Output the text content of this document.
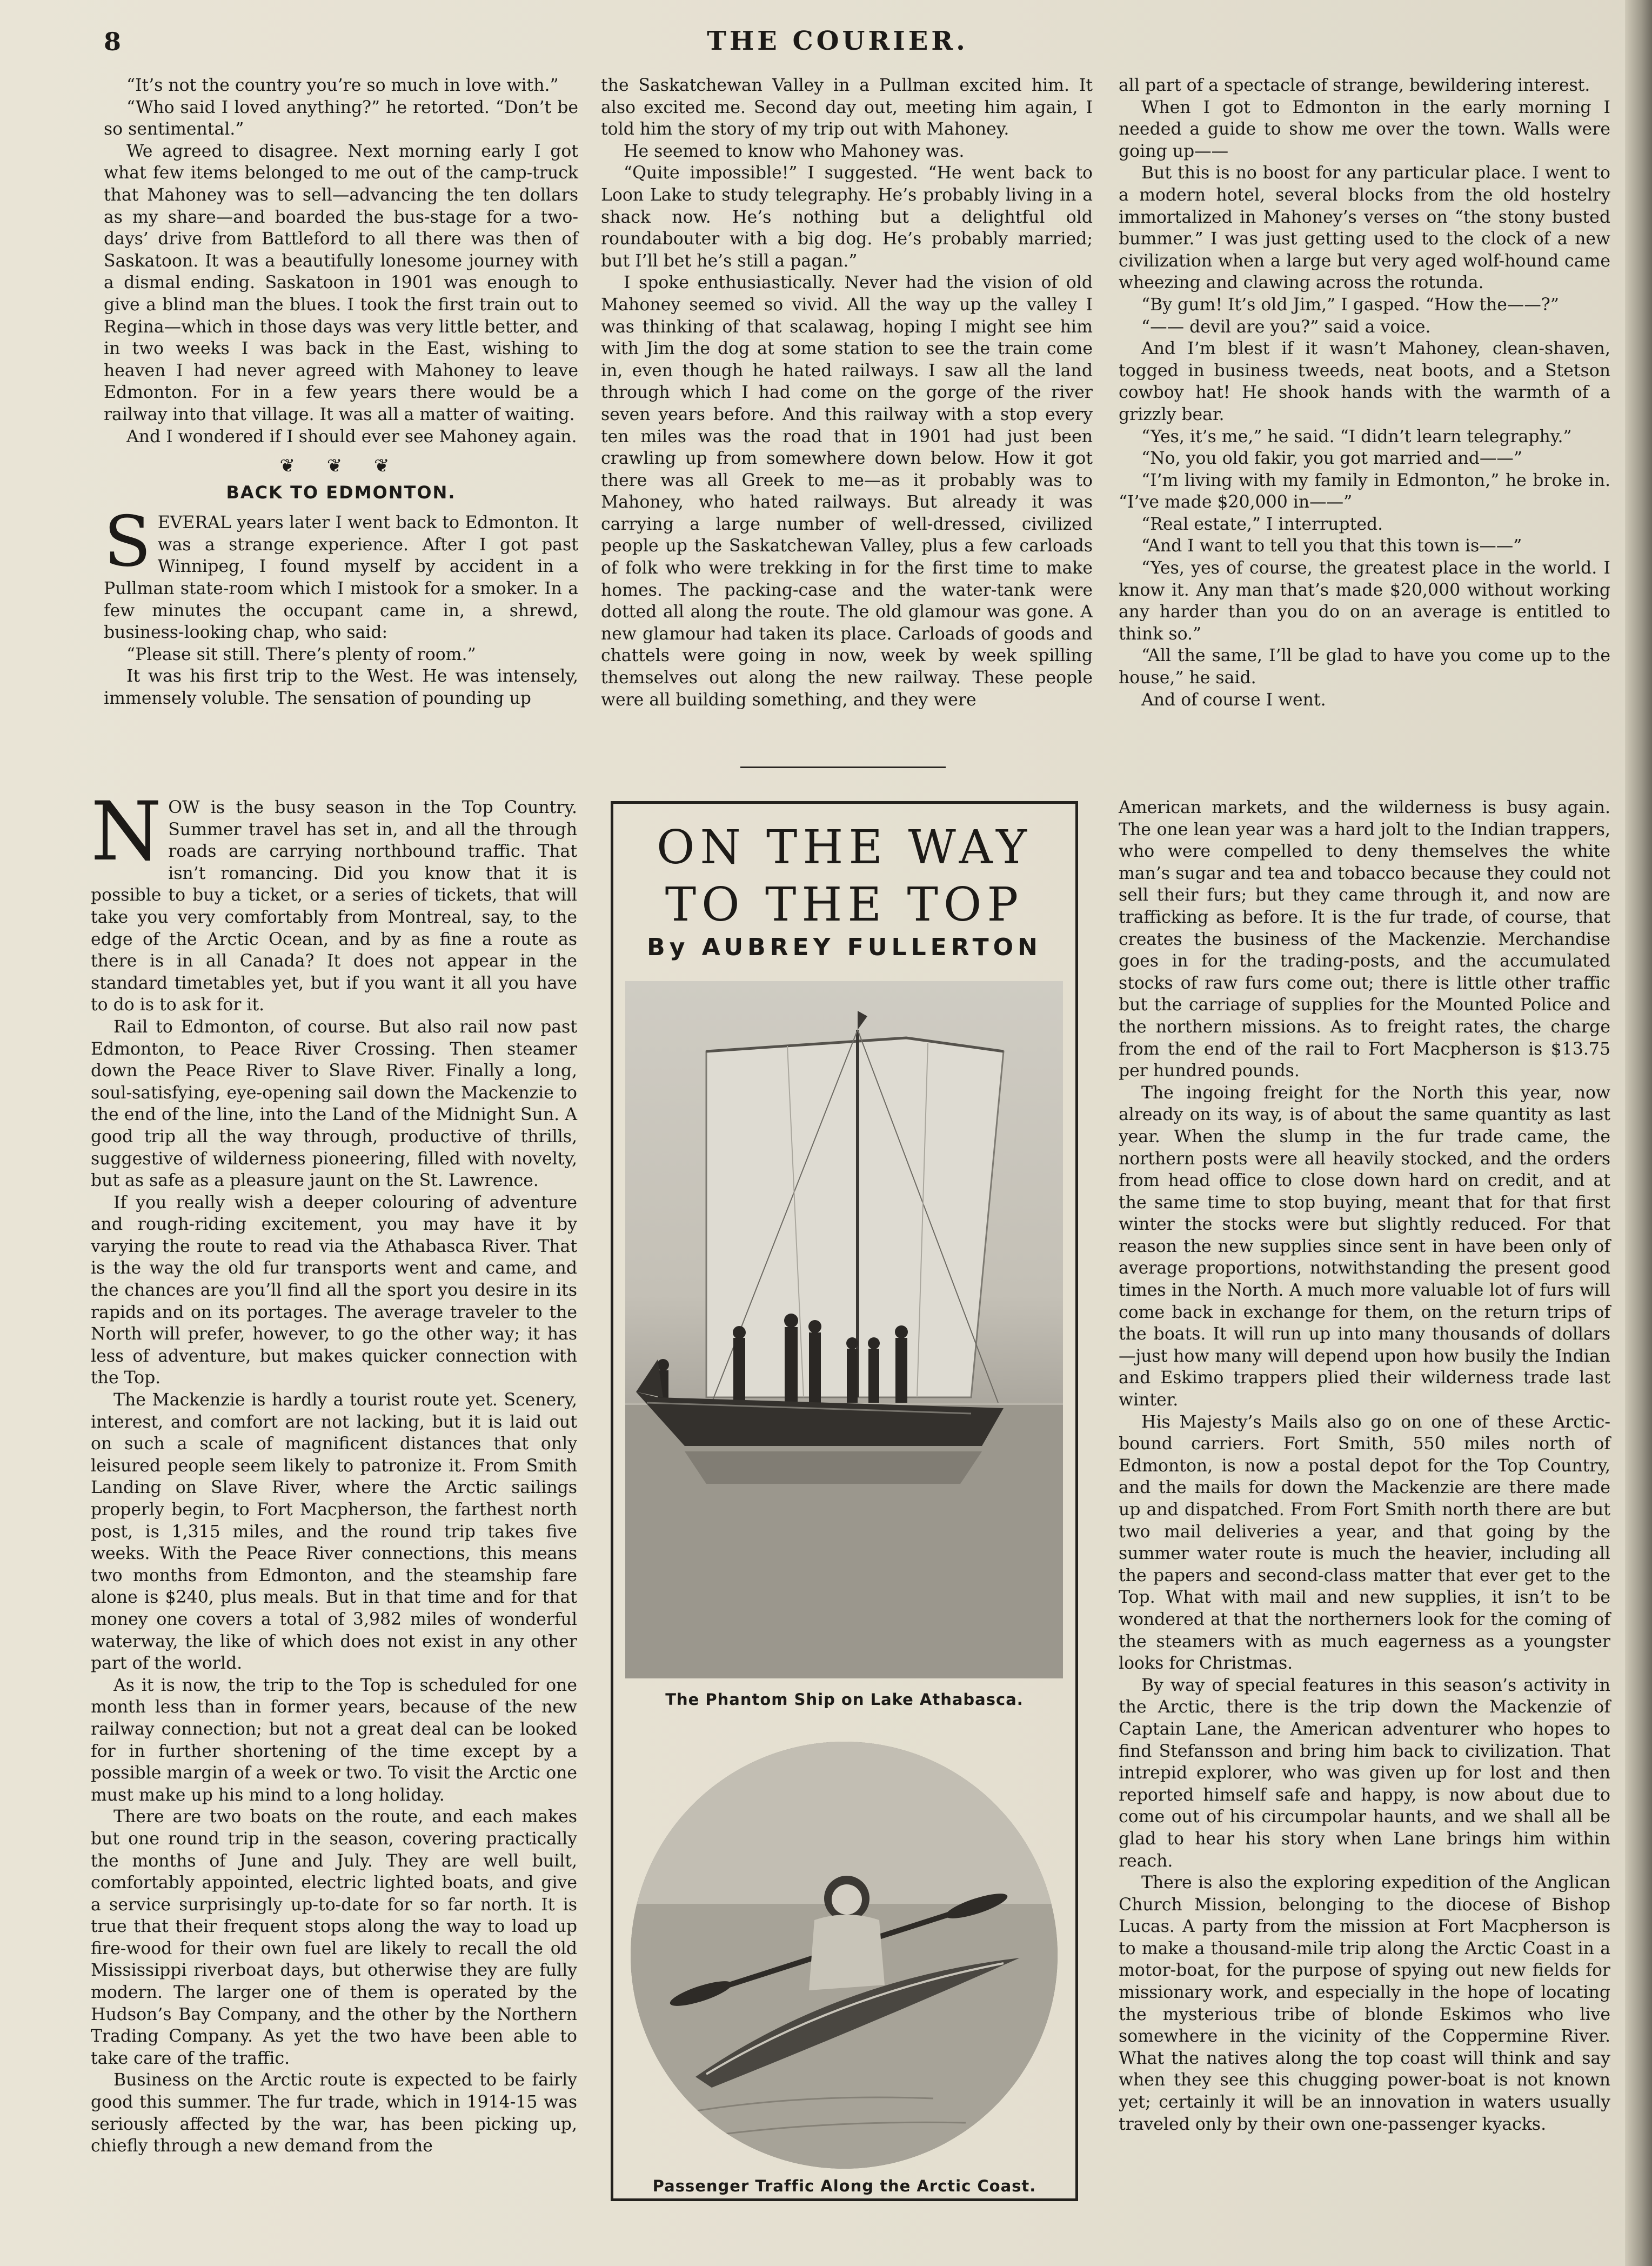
8	THE COURIER.

“It’s not the country you’re so much in love with.”

“Who said I loved anything?” he retorted. “Don’t be so sentimental.”

We agreed to disagree. Next morning early I got what few items belonged to me out of the camp-truck that Mahoney was to sell—advancing the ten dollars as my share—and boarded the bus-stage for a two-days’ drive from Battleford to all there was then of Saskatoon. It was a beautifully lonesome journey with a dismal ending. Saskatoon in 1901 was enough to give a blind man the blues. I took the first train out to Regina—which in those days was very little better, and in two weeks I was back in the East, wishing to heaven I had never agreed with Mahoney to leave Edmonton. For in a few years there would be a railway into that village. It was all a matter of waiting.

And I wondered if I should ever see Mahoney again.

❦ ❦ ❦
BACK TO EDMONTON.

SEVERAL years later I went back to Edmonton. It was a strange experience. After I got past Winnipeg, I found myself by accident in a Pullman state-room which I mistook for a smoker. In a few minutes the occupant came in, a shrewd, business-looking chap, who said:

“Please sit still. There’s plenty of room.”

It was his first trip to the West. He was intensely, immensely voluble. The sensation of pounding up

the Saskatchewan Valley in a Pullman excited him. It also excited me. Second day out, meeting him again, I told him the story of my trip out with Mahoney.

He seemed to know who Mahoney was.

“Quite impossible!” I suggested. “He went back to Loon Lake to study telegraphy. He’s probably living in a shack now. He’s nothing but a delightful old roundabouter with a big dog. He’s probably married; but I’ll bet he’s still a pagan.”

I spoke enthusiastically. Never had the vision of old Mahoney seemed so vivid. All the way up the valley I was thinking of that scalawag, hoping I might see him with Jim the dog at some station to see the train come in, even though he hated railways. I saw all the land through which I had come on the gorge of the river seven years before. And this railway with a stop every ten miles was the road that in 1901 had just been crawling up from somewhere down below. How it got there was all Greek to me—as it probably was to Mahoney, who hated railways. But already it was carrying a large number of well-dressed, civilized people up the Saskatchewan Valley, plus a few carloads of folk who were trekking in for the first time to make homes. The packing-case and the water-tank were dotted all along the route. The old glamour was gone. A new glamour had taken its place. Carloads of goods and chattels were going in now, week by week spilling themselves out along the new railway. These people were all building something, and they were

all part of a spectacle of strange, bewildering interest.

When I got to Edmonton in the early morning I needed a guide to show me over the town. Walls were going up——

But this is no boost for any particular place. I went to a modern hotel, several blocks from the old hostelry immortalized in Mahoney’s verses on “the stony busted bummer.” I was just getting used to the clock of a new civilization when a large but very aged wolf-hound came wheezing and clawing across the rotunda.

“By gum! It’s old Jim,” I gasped. “How the——?”

“—— devil are you?” said a voice.

And I’m blest if it wasn’t Mahoney, clean-shaven, togged in business tweeds, neat boots, and a Stetson cowboy hat! He shook hands with the warmth of a grizzly bear.

“Yes, it’s me,” he said. “I didn’t learn telegraphy.”

“No, you old fakir, you got married and——”

“I’m living with my family in Edmonton,” he broke in. “I’ve made $20,000 in——”

“Real estate,” I interrupted.

“And I want to tell you that this town is——”

“Yes, yes of course, the greatest place in the world. I know it. Any man that’s made $20,000 without working any harder than you do on an average is entitled to think so.”

“All the same, I’ll be glad to have you come up to the house,” he said.

And of course I went.

NOW is the busy season in the Top Country. Summer travel has set in, and all the through roads are carrying northbound traffic. That isn’t romancing. Did you know that it is possible to buy a ticket, or a series of tickets, that will take you very comfortably from Montreal, say, to the edge of the Arctic Ocean, and by as fine a route as there is in all Canada? It does not appear in the standard timetables yet, but if you want it all you have to do is to ask for it.

Rail to Edmonton, of course. But also rail now past Edmonton, to Peace River Crossing. Then steamer down the Peace River to Slave River. Finally a long, soul-satisfying, eye-opening sail down the Mackenzie to the end of the line, into the Land of the Midnight Sun. A good trip all the way through, productive of thrills, suggestive of wilderness pioneering, filled with novelty, but as safe as a pleasure jaunt on the St. Lawrence.

If you really wish a deeper colouring of adventure and rough-riding excitement, you may have it by varying the route to read via the Athabasca River. That is the way the old fur transports went and came, and the chances are you’ll find all the sport you desire in its rapids and on its portages. The average traveler to the North will prefer, however, to go the other way; it has less of adventure, but makes quicker connection with the Top.

The Mackenzie is hardly a tourist route yet. Scenery, interest, and comfort are not lacking, but it is laid out on such a scale of magnificent distances that only leisured people seem likely to patronize it. From Smith Landing on Slave River, where the Arctic sailings properly begin, to Fort Macpherson, the farthest north post, is 1,315 miles, and the round trip takes five weeks. With the Peace River connections, this means two months from Edmonton, and the steamship fare alone is $240, plus meals. But in that time and for that money one covers a total of 3,982 miles of wonderful waterway, the like of which does not exist in any other part of the world.

As it is now, the trip to the Top is scheduled for one month less than in former years, because of the new railway connection; but not a great deal can be looked for in further shortening of the time except by a possible margin of a week or two. To visit the Arctic one must make up his mind to a long holiday.

There are two boats on the route, and each makes but one round trip in the season, covering practically the months of June and July. They are well built, comfortably appointed, electric lighted boats, and give a service surprisingly up-to-date for so far north. It is true that their frequent stops along the way to load up fire-wood for their own fuel are likely to recall the old Mississippi riverboat days, but otherwise they are fully modern. The larger one of them is operated by the Hudson’s Bay Company, and the other by the Northern Trading Company. As yet the two have been able to take care of the traffic.

Business on the Arctic route is expected to be fairly good this summer. The fur trade, which in 1914-15 was seriously affected by the war, has been picking up, chiefly through a new demand from the

ON THE WAY
TO THE TOP
By AUBREY FULLERTON
The Phantom Ship on Lake Athabasca.
Passenger Traffic Along the Arctic Coast.

American markets, and the wilderness is busy again. The one lean year was a hard jolt to the Indian trappers, who were compelled to deny themselves the white man’s sugar and tea and tobacco because they could not sell their furs; but they came through it, and now are trafficking as before. It is the fur trade, of course, that creates the business of the Mackenzie. Merchandise goes in for the trading-posts, and the accumulated stocks of raw furs come out; there is little other traffic but the carriage of supplies for the Mounted Police and the northern missions. As to freight rates, the charge from the end of the rail to Fort Macpherson is $13.75 per hundred pounds.

The ingoing freight for the North this year, now already on its way, is of about the same quantity as last year. When the slump in the fur trade came, the northern posts were all heavily stocked, and the orders from head office to close down hard on credit, and at the same time to stop buying, meant that for that first winter the stocks were but slightly reduced. For that reason the new supplies since sent in have been only of average proportions, notwithstanding the present good times in the North. A much more valuable lot of furs will come back in exchange for them, on the return trips of the boats. It will run up into many thousands of dollars—just how many will depend upon how busily the Indian and Eskimo trappers plied their wilderness trade last winter.

His Majesty’s Mails also go on one of these Arctic-bound carriers. Fort Smith, 550 miles north of Edmonton, is now a postal depot for the Top Country, and the mails for down the Mackenzie are there made up and dispatched. From Fort Smith north there are but two mail deliveries a year, and that going by the summer water route is much the heavier, including all the papers and second-class matter that ever get to the Top. What with mail and new supplies, it isn’t to be wondered at that the northerners look for the coming of the steamers with as much eagerness as a youngster looks for Christmas.

By way of special features in this season’s activity in the Arctic, there is the trip down the Mackenzie of Captain Lane, the American adventurer who hopes to find Stefansson and bring him back to civilization. That intrepid explorer, who was given up for lost and then reported himself safe and happy, is now about due to come out of his circumpolar haunts, and we shall all be glad to hear his story when Lane brings him within reach.

There is also the exploring expedition of the Anglican Church Mission, belonging to the diocese of Bishop Lucas. A party from the mission at Fort Macpherson is to make a thousand-mile trip along the Arctic Coast in a motor-boat, for the purpose of spying out new fields for missionary work, and especially in the hope of locating the mysterious tribe of blonde Eskimos who live somewhere in the vicinity of the Coppermine River. What the natives along the top coast will think and say when they see this chugging power-boat is not known yet; certainly it will be an innovation in waters usually traveled only by their own one-passenger kyacks.
